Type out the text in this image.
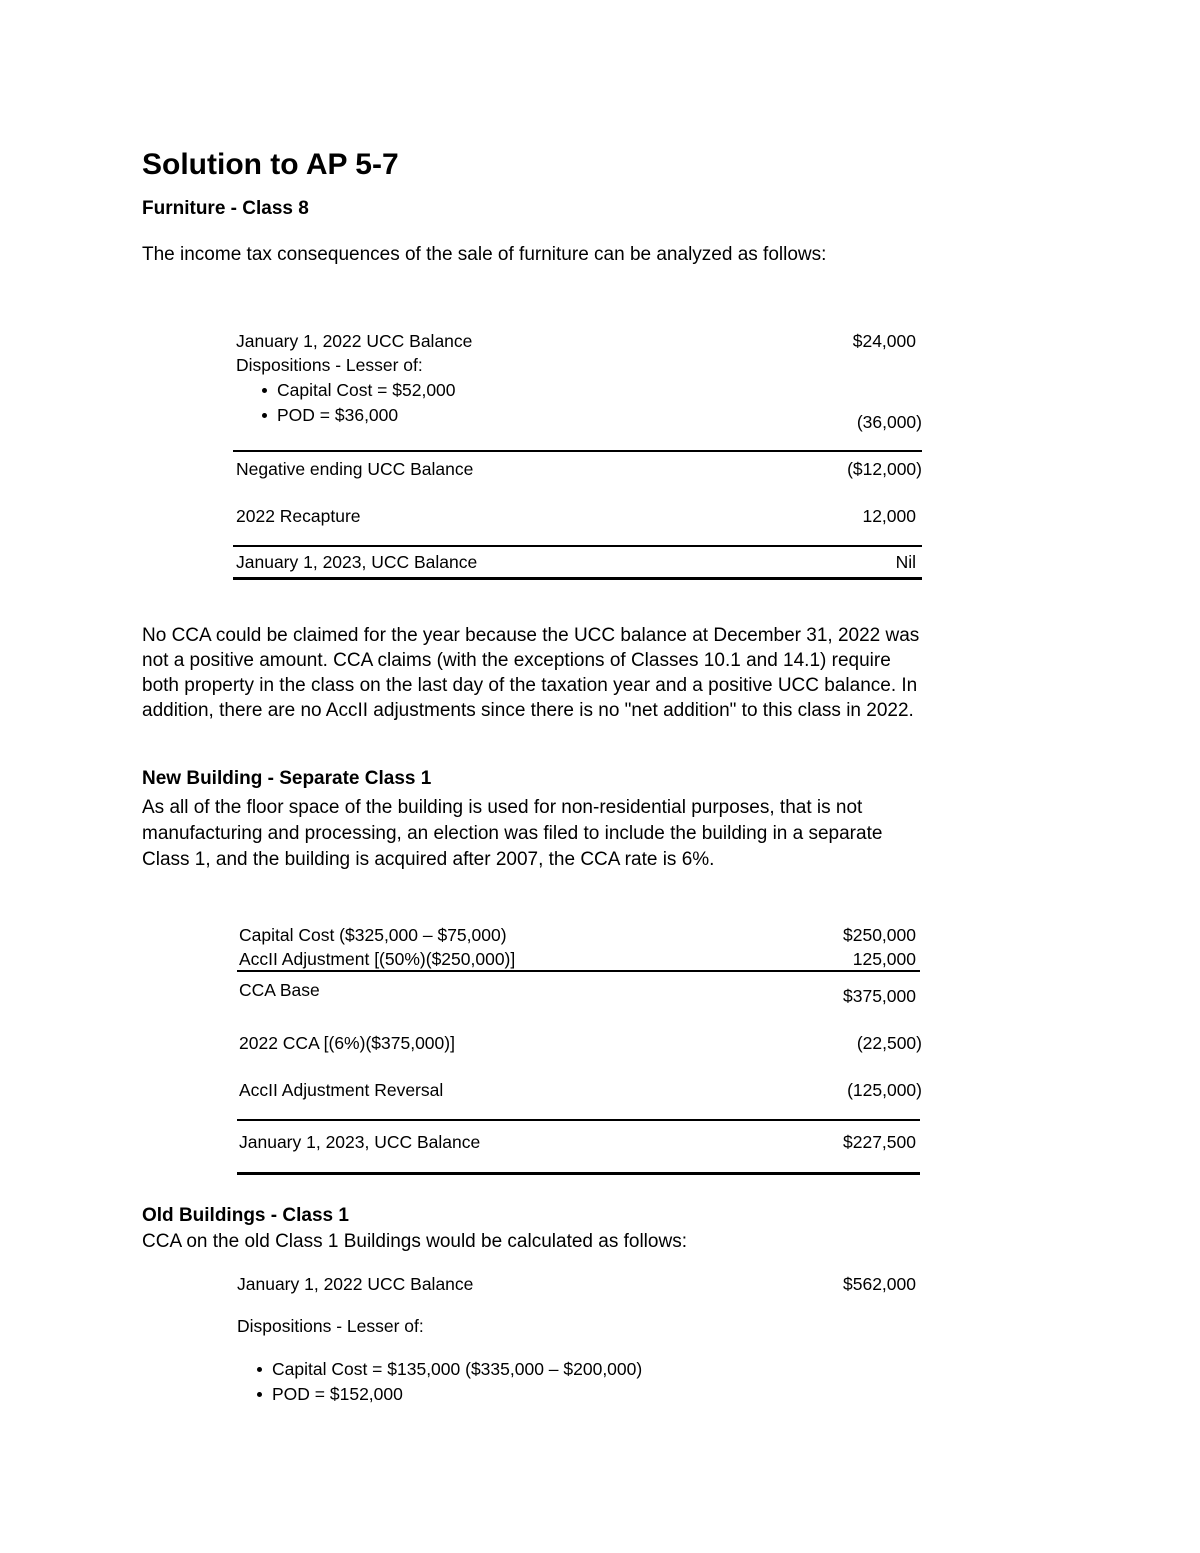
Solution to AP 5-7
Furniture - Class 8
The income tax consequences of the sale of furniture can be analyzed as follows:
January 1, 2022 UCC Balance	$24,000
Dispositions - Lesser of:
Capital Cost = $52,000
POD = $36,000	(36,000)
Negative ending UCC Balance	($12,000)
2022 Recapture	12,000
January 1, 2023, UCC Balance	Nil
No CCA could be claimed for the year because the UCC balance at December 31, 2022 was
not a positive amount. CCA claims (with the exceptions of Classes 10.1 and 14.1) require
both property in the class on the last day of the taxation year and a positive UCC balance. In
addition, there are no AccII adjustments since there is no "net addition" to this class in 2022.
New Building - Separate Class 1
As all of the floor space of the building is used for non-residential purposes, that is not
manufacturing and processing, an election was filed to include the building in a separate
Class 1, and the building is acquired after 2007, the CCA rate is 6%.
Capital Cost ($325,000 – $75,000)	$250,000
AccII Adjustment [(50%)($250,000)]	125,000
CCA Base	$375,000
2022 CCA [(6%)($375,000)]	(22,500)
AccII Adjustment Reversal	(125,000)
January 1, 2023, UCC Balance	$227,500
Old Buildings - Class 1
CCA on the old Class 1 Buildings would be calculated as follows:
January 1, 2022 UCC Balance	$562,000
Dispositions - Lesser of:
Capital Cost = $135,000 ($335,000 – $200,000)
POD = $152,000
